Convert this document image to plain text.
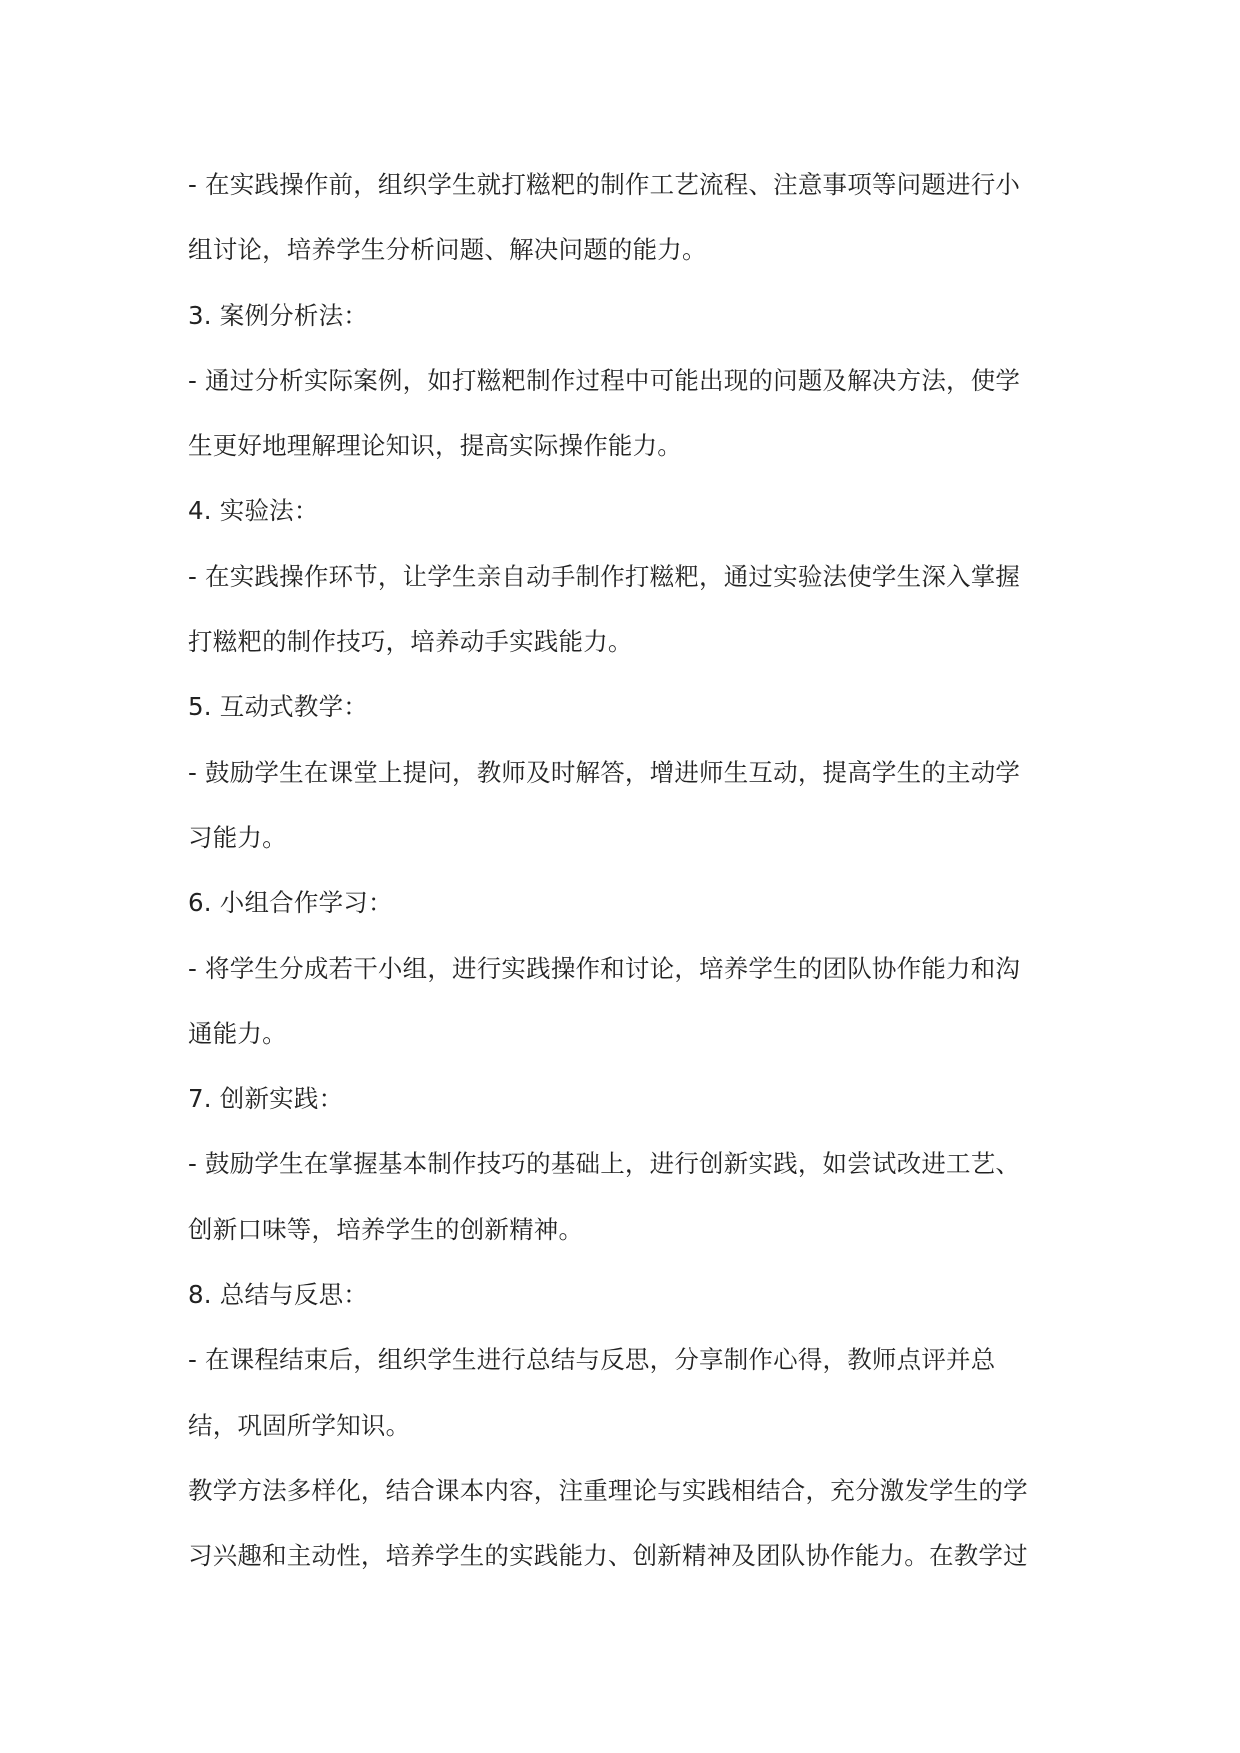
- 在实践操作前，组织学生就打糍粑的制作工艺流程、注意事项等问题进行小
组讨论，培养学生分析问题、解决问题的能力。
3. 案例分析法：
- 通过分析实际案例，如打糍粑制作过程中可能出现的问题及解决方法，使学
生更好地理解理论知识，提高实际操作能力。
4. 实验法：
- 在实践操作环节，让学生亲自动手制作打糍粑，通过实验法使学生深入掌握
打糍粑的制作技巧，培养动手实践能力。
5. 互动式教学：
- 鼓励学生在课堂上提问，教师及时解答，增进师生互动，提高学生的主动学
习能力。
6. 小组合作学习：
- 将学生分成若干小组，进行实践操作和讨论，培养学生的团队协作能力和沟
通能力。
7. 创新实践：
- 鼓励学生在掌握基本制作技巧的基础上，进行创新实践，如尝试改进工艺、
创新口味等，培养学生的创新精神。
8. 总结与反思：
- 在课程结束后，组织学生进行总结与反思，分享制作心得，教师点评并总
结，巩固所学知识。
教学方法多样化，结合课本内容，注重理论与实践相结合，充分激发学生的学
习兴趣和主动性，培养学生的实践能力、创新精神及团队协作能力。在教学过
